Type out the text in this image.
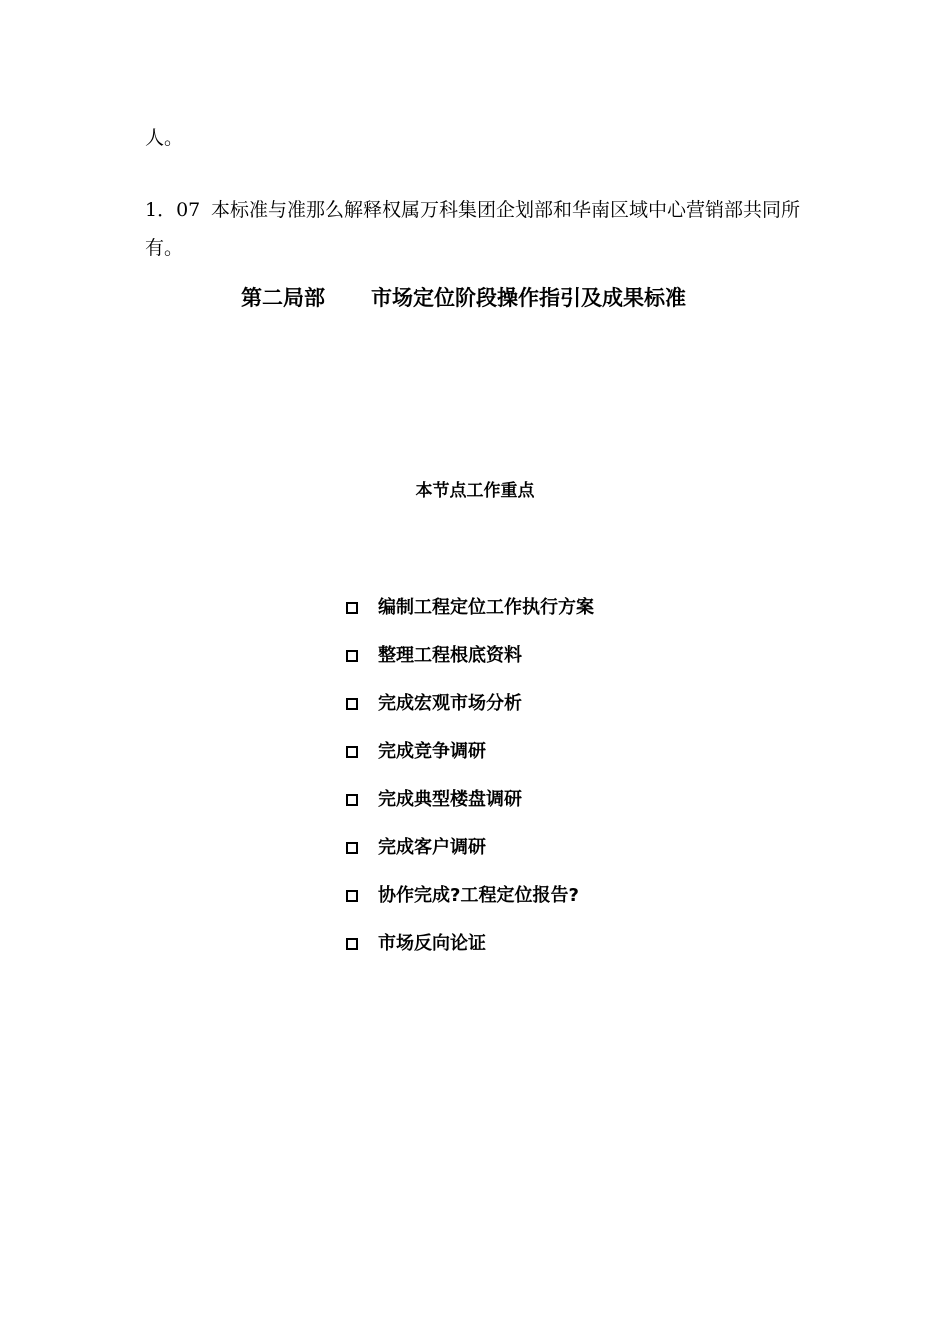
人。
1．07 本标准与准那么解释权属万科集团企划部和华南区域中心营销部共同所
有。
第二局部 市场定位阶段操作指引及成果标准
本节点工作重点
编制工程定位工作执行方案
整理工程根底资料
完成宏观市场分析
完成竞争调研
完成典型楼盘调研
完成客户调研
协作完成?工程定位报告?
市场反向论证
